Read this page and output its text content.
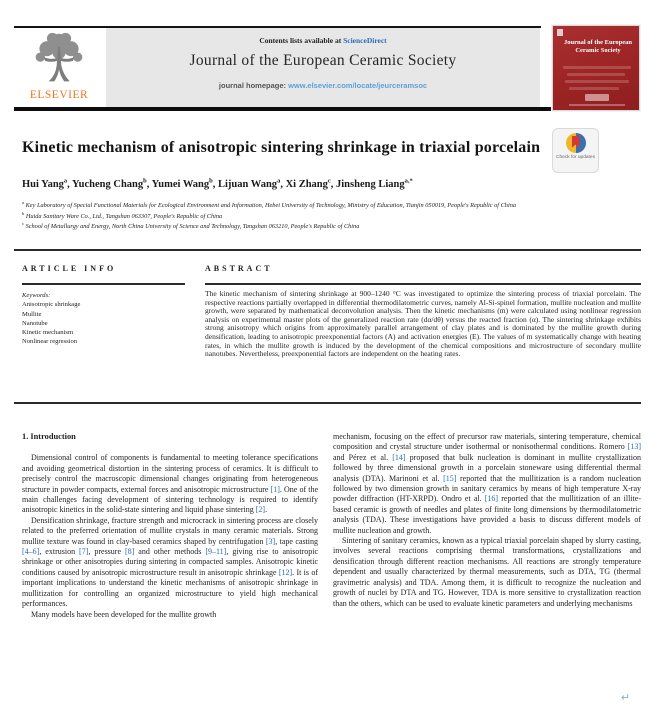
ELSEVIER
Contents lists available at ScienceDirect
Journal of the European Ceramic Society
journal homepage: www.elsevier.com/locate/jeurceramsoc
Journal of the European Ceramic Society
Kinetic mechanism of anisotropic sintering shrinkage in triaxial porcelain
Check for updates
Hui Yang$^a$, Yucheng Chang$^b$, Yumei Wang$^b$, Lijuan Wang$^a$, Xi Zhang$^c$, Jinsheng Liang$^{a,*}$
$^a$ Key Laboratory of Special Functional Materials for Ecological Environment and Information, Hebei University of Technology, Ministry of Education, Tianjin 050019, People's Republic of China
$^b$ Huida Sanitary Ware Co., Ltd., Tangshan 063307, People's Republic of China
$^c$ School of Metallurgy and Energy, North China University of Science and Technology, Tangshan 063210, People's Republic of China
ARTICLE INFO
Keywords:
Anisotropic shrinkage
Mullite
Nanotube
Kinetic mechanism
Nonlinear regression
ABSTRACT
The kinetic mechanism of sintering shrinkage at 900–1240 °C was investigated to optimize the sintering process of triaxial porcelain. The respective reactions partially overlapped in differential thermodilatometric curves, namely Al-Si-spinel formation, mullite nucleation and mullite growth, were separated by mathematical deconvolution analysis. Then the kinetic mechanisms (m) were calculated using nonlinear regression analysis on experimental master plots of the generalized reaction rate (dα/dθ) versus the reacted fraction (α). The sintering shrinkage exhibits strong anisotropy which origins from approximately parallel arrangement of clay plates and is dominated by the mullite growth during densification, leading to anisotropic preexponential factors (A) and activation energies (E). The values of m systematically change with heating rates, in which the mullite growth is induced by the development of the chemical compositions and microstructure of secondary mullite nanotubes. Nevertheless, preexponential factors are independent on the heating rates.
1. Introduction

Dimensional control of components is fundamental to meeting tolerance specifications and avoiding geometrical distortion in the sintering process of ceramics. It is difficult to precisely control the macroscopic dimensional changes originating from heterogeneous structure in powder compacts, external forces and anisotropic microstructure [1]. One of the main challenges facing development of sintering technology is required to identify anisotropic kinetics in the solid-state sintering and liquid phase sintering [2].

Densification shrinkage, fracture strength and microcrack in sintering process are closely related to the preferred orientation of mullite crystals in many ceramic materials. Strong mullite texture was found in clay-based ceramics shaped by centrifugation [3], tape casting [4–6], extrusion [7], pressure [8] and other methods [9–11], giving rise to anisotropic shrinkage or other anisotropies during sintering in compacted samples. Anisotropic kinetic conditions caused by anisotropic microstructure result in anisotropic shrinkage [12]. It is of important implications to understand the kinetic mechanisms of anisotropic shrinkage in mullitization for controlling an organized microstructure to yield high mechanical performances.

Many models have been developed for the mullite growth

mechanism, focusing on the effect of precursor raw materials, sintering temperature, chemical composition and crystal structure under isothermal or nonisothermal conditions. Romero [13] and Pérez et al. [14] proposed that bulk nucleation is dominant in mullite crystallization followed by three dimensional growth in a porcelain stoneware using differential thermal analysis (DTA). Marinoni et al. [15] reported that the mullitization is a random nucleation followed by two dimension growth in sanitary ceramics by means of high temperature X-ray powder diffraction (HT-XRPD). Ondro et al. [16] reported that the mullitization of an illite-based ceramic is growth of needles and plates of finite long dimensions by thermodilatometric analysis (TDA). These investigations have provided a basis to discuss different models of mullite nucleation and growth.

Sintering of sanitary ceramics, known as a typical triaxial porcelain shaped by slurry casting, involves several reactions comprising thermal transformations, crystallizations and densification through different reaction mechanisms. All reactions are strongly temperature dependent and usually characterized by thermal measurements, such as DTA, TG (thermal gravimetric analysis) and TDA. Among them, it is difficult to recognize the nucleation and growth of nuclei by DTA and TG. However, TDA is more sensitive to crystallization reaction than the others, which can be used to evaluate kinetic parameters and underlying mechanisms

↵
